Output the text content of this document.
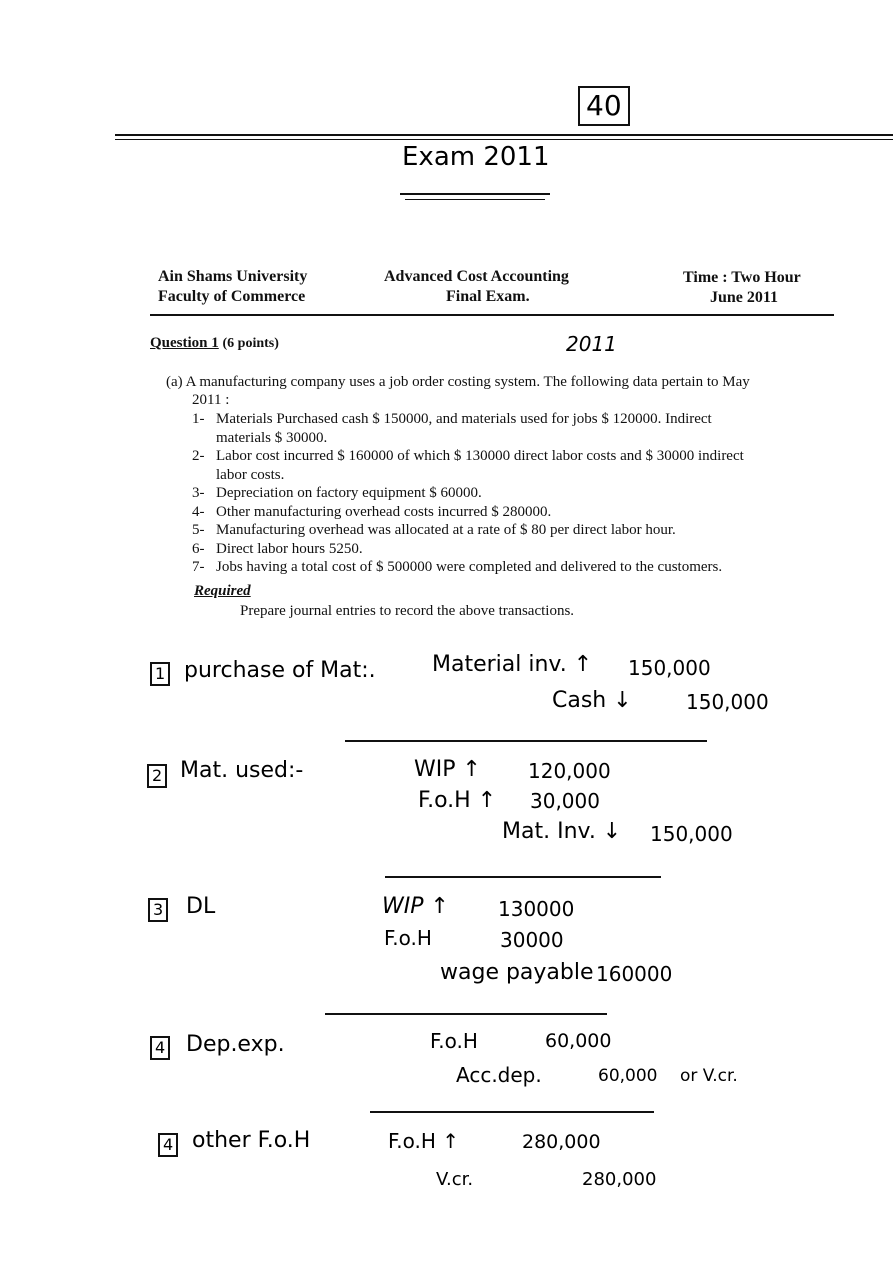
40
Exam 2011
Ain Shams University
Faculty of Commerce
Advanced Cost Accounting
Final Exam.
Time : Two Hour
June 2011
Question 1 (6 points)	2011
(a) A manufacturing company uses a job order costing system. The following data pertain to May
2011 :
1- Materials Purchased cash $ 150000, and materials used for jobs $ 120000. Indirect
materials $ 30000.
2- Labor cost incurred $ 160000 of which $ 130000 direct labor costs and $ 30000 indirect
labor costs.
3- Depreciation on factory equipment $ 60000.
4- Other manufacturing overhead costs incurred $ 280000.
5- Manufacturing overhead was allocated at a rate of $ 80 per direct labor hour.
6- Direct labor hours 5250.
7- Jobs having a total cost of $ 500000 were completed and delivered to the customers.
Required
Prepare journal entries to record the above transactions.
1 purchase of Mat:.	Material inv. ↑ 150,000
Cash ↓	150,000
2 Mat. used:-	WIP ↑ 120,000
F.o.H ↑ 30,000
Mat. Inv. ↓ 150,000
3 DL	WIP ↑ 130000
F.o.H	30000
wage payable 160000
4 Dep.exp.	F.o.H	60,000
Acc.dep.	60,000 or V.cr.
4 other F.o.H	F.o.H ↑	280,000
V.cr.	280,000
